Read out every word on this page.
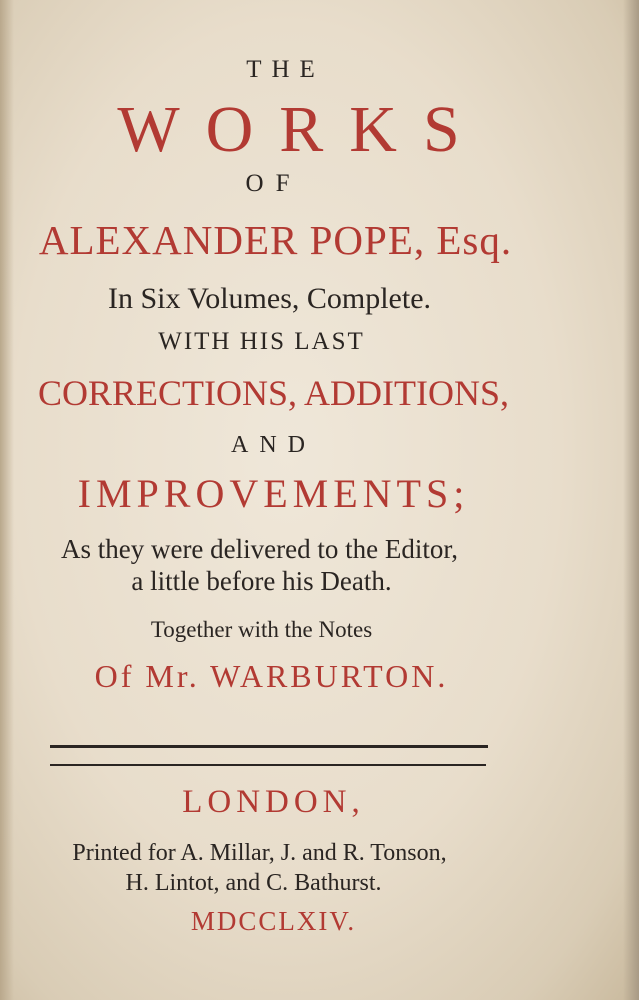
THE
WORKS
OF
ALEXANDER POPE, Esq.
In Six Volumes, Complete.
WITH HIS LAST
CORRECTIONS, ADDITIONS,
AND
IMPROVEMENTS;
As they were delivered to the Editor,
a little before his Death.
Together with the Notes
Of Mr. WARBURTON.
LONDON,
Printed for A. Millar, J. and R. Tonson,
H. Lintot, and C. Bathurst.
MDCCLXIV.
